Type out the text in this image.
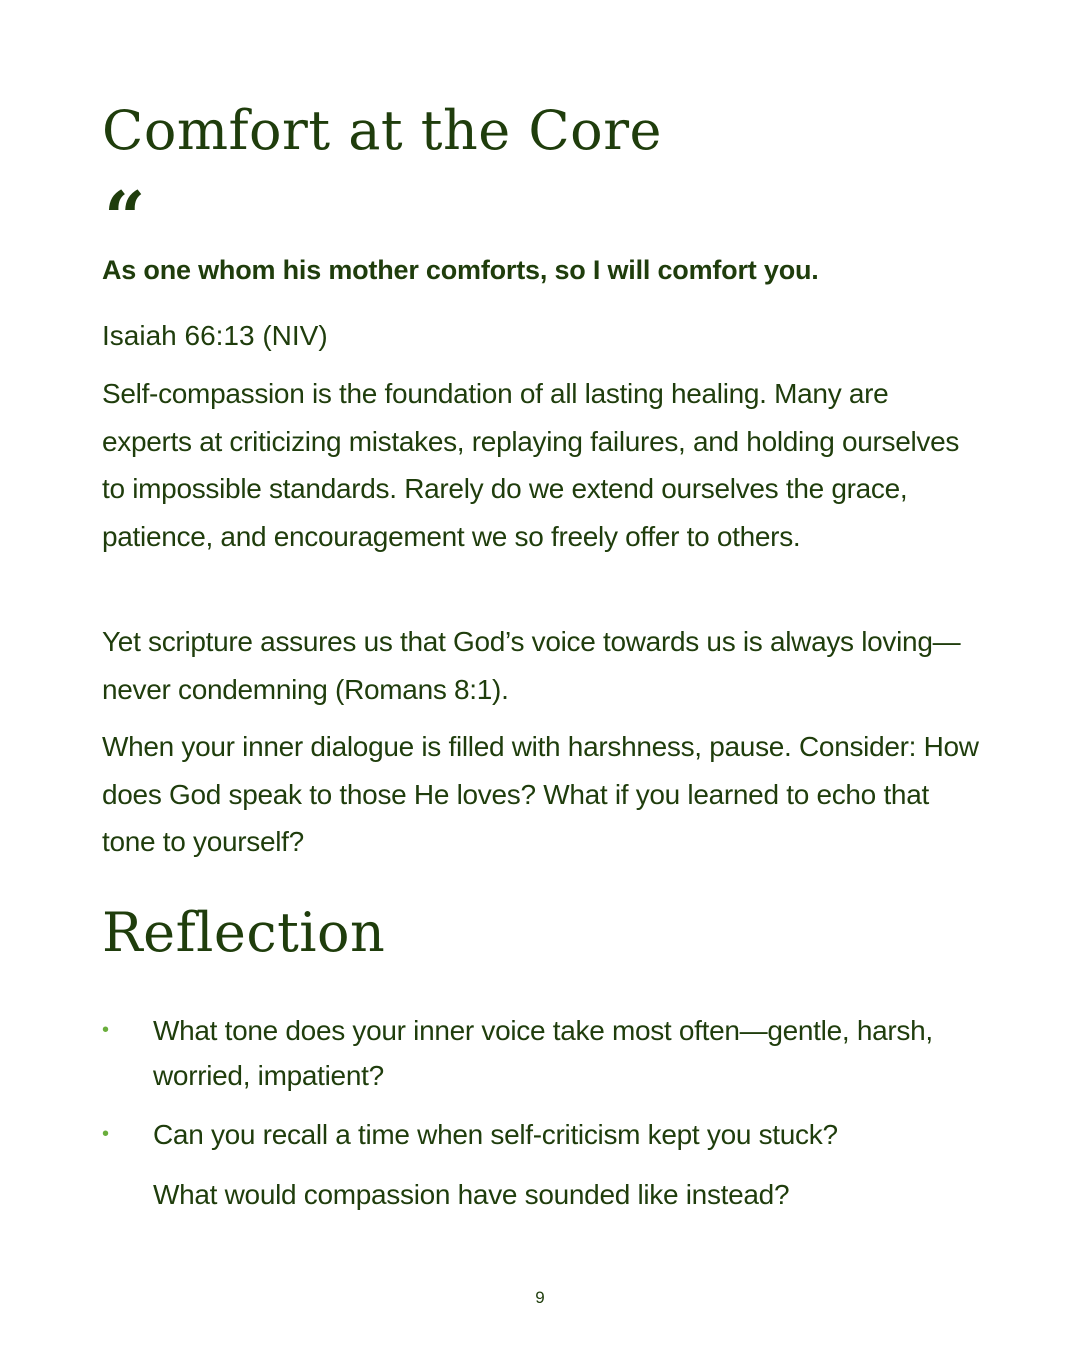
Comfort at the Core
“

As one whom his mother comforts, so I will comfort you.

Isaiah 66:13 (NIV)

Self-compassion is the foundation of all lasting healing. Many are experts at criticizing mistakes, replaying failures, and holding ourselves to impossible standards. Rarely do we extend ourselves the grace, patience, and encouragement we so freely offer to others.

Yet scripture assures us that God’s voice towards us is always loving—never condemning (Romans 8:1).

When your inner dialogue is filled with harshness, pause. Consider: How does God speak to those He loves? What if you learned to echo that tone to yourself?

Reflection
•	What tone does your inner voice take most often—gentle, harsh, worried, impatient?
•	Can you recall a time when self-criticism kept you stuck?
What would compassion have sounded like instead?
9
